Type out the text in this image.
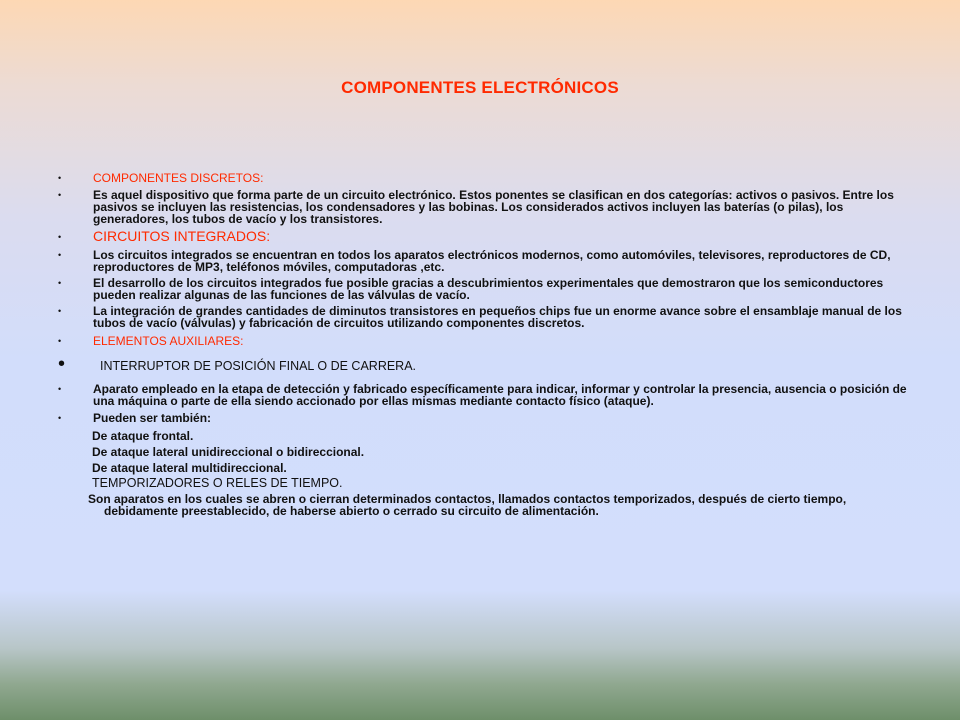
COMPONENTES ELECTRÓNICOS
•	COMPONENTES DISCRETOS:
•	Es aquel dispositivo que forma parte de un circuito electrónico. Estos ponentes se clasifican en dos categorías: activos o pasivos. Entre los pasivos se incluyen las resistencias, los condensadores y las bobinas. Los considerados activos incluyen las baterías (o pilas), los generadores, los tubos de vacío y los transistores.
• CIRCUITOS INTEGRADOS:
•	Los circuitos integrados se encuentran en todos los aparatos electrónicos modernos, como automóviles, televisores, reproductores de CD, reproductores de MP3, teléfonos móviles, computadoras ,etc.
•	El desarrollo de los circuitos integrados fue posible gracias a descubrimientos experimentales que demostraron que los semiconductores pueden realizar algunas de las funciones de las válvulas de vacío.
•	La integración de grandes cantidades de diminutos transistores en pequeños chips fue un enorme avance sobre el ensamblaje manual de los tubos de vacío (válvulas) y fabricación de circuitos utilizando componentes discretos.
•	ELEMENTOS AUXILIARES:
•	INTERRUPTOR DE POSICIÓN FINAL O DE CARRERA.
•	Aparato empleado en la etapa de detección y fabricado específicamente para indicar, informar y controlar la presencia, ausencia o posición de una máquina o parte de ella siendo accionado por ellas mismas mediante contacto físico (ataque).
•	Pueden ser también:
De ataque frontal.
De ataque lateral unidireccional o bidireccional.
De ataque lateral multidireccional.
TEMPORIZADORES O RELES DE TIEMPO.
Son aparatos en los cuales se abren o cierran determinados contactos, llamados contactos temporizados, después de cierto tiempo, debidamente preestablecido, de haberse abierto o cerrado su circuito de alimentación.
